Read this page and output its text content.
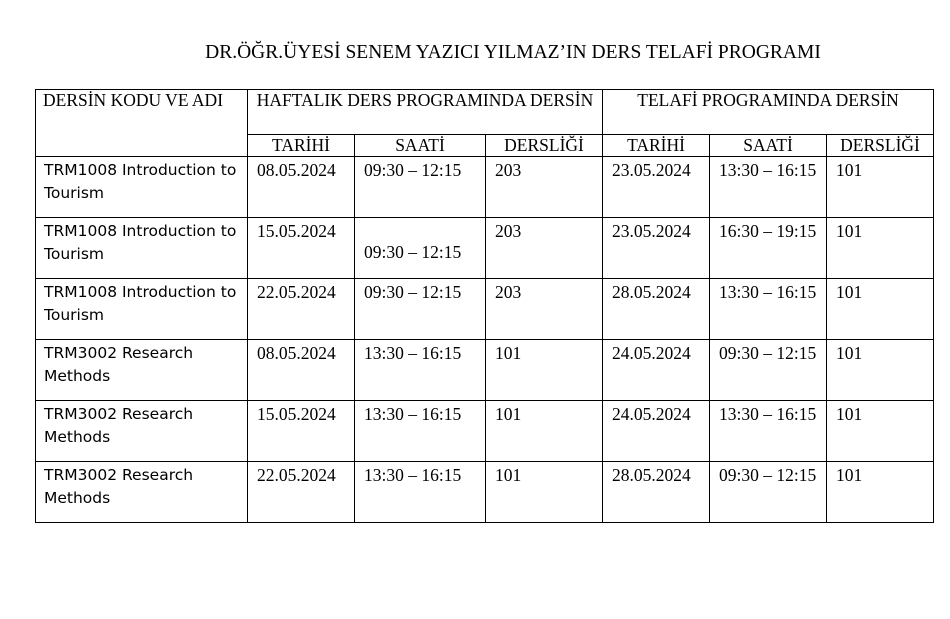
DR.ÖĞR.ÜYESİ SENEM YAZICI YILMAZ’IN DERS TELAFİ PROGRAMI
DERSİN KODU VE ADI	HAFTALIK DERS PROGRAMINDA DERSİN			TELAFİ PROGRAMINDA DERSİN		
	TARİHİ	SAATİ	DERSLİĞİ	TARİHİ	SAATİ	DERSLİĞİ
TRM1008 Introduction to Tourism	08.05.2024	09:30 – 12:15	203	23.05.2024	13:30 – 16:15	101
TRM1008 Introduction to Tourism	15.05.2024	09:30 – 12:15	203	23.05.2024	16:30 – 19:15	101
TRM1008 Introduction to Tourism	22.05.2024	09:30 – 12:15	203	28.05.2024	13:30 – 16:15	101
TRM3002 Research Methods	08.05.2024	13:30 – 16:15	101	24.05.2024	09:30 – 12:15	101
TRM3002 Research Methods	15.05.2024	13:30 – 16:15	101	24.05.2024	13:30 – 16:15	101
TRM3002 Research Methods	22.05.2024	13:30 – 16:15	101	28.05.2024	09:30 – 12:15	101
